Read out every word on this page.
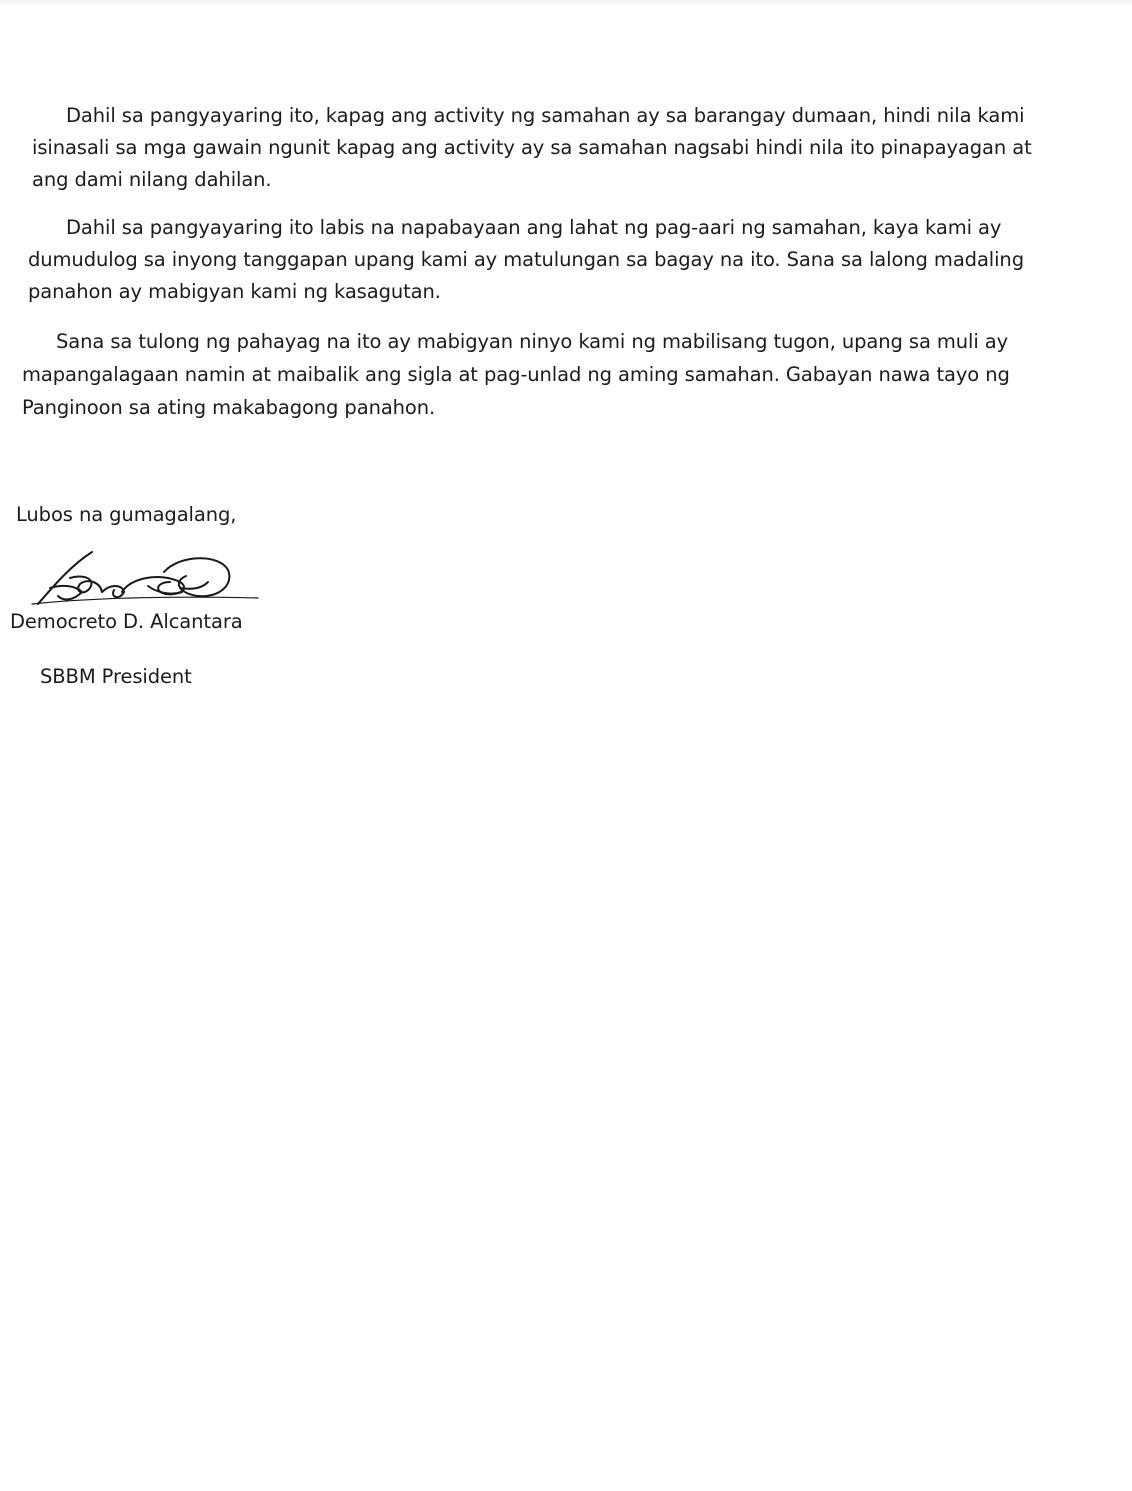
Dahil sa pangyayaring ito, kapag ang activity ng samahan ay sa barangay dumaan, hindi nila kami
isinasali sa mga gawain ngunit kapag ang activity ay sa samahan nagsabi hindi nila ito pinapayagan at
ang dami nilang dahilan.
Dahil sa pangyayaring ito labis na napabayaan ang lahat ng pag-aari ng samahan, kaya kami ay
dumudulog sa inyong tanggapan upang kami ay matulungan sa bagay na ito. Sana sa lalong madaling
panahon ay mabigyan kami ng kasagutan.
Sana sa tulong ng pahayag na ito ay mabigyan ninyo kami ng mabilisang tugon, upang sa muli ay
mapangalagaan namin at maibalik ang sigla at pag-unlad ng aming samahan. Gabayan nawa tayo ng
Panginoon sa ating makabagong panahon.
Lubos na gumagalang,
Democreto D. Alcantara
SBBM President
